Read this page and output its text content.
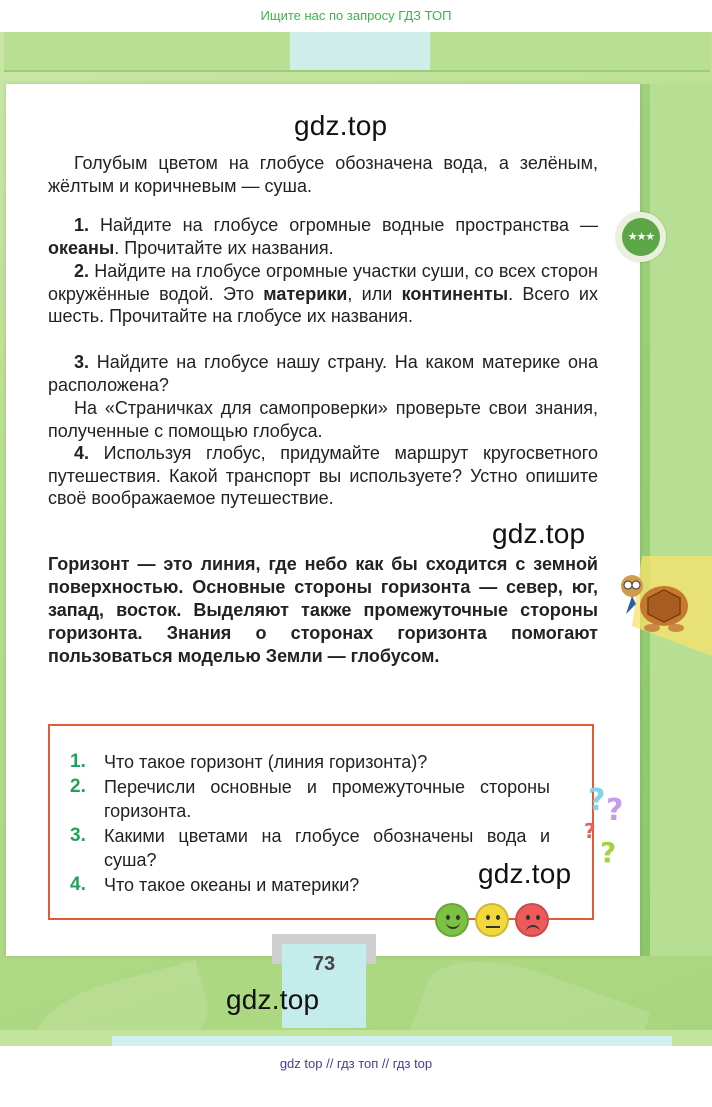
Ищите нас по запросу ГДЗ ТОП
gdz.top

Голубым цветом на глобусе обозначена вода, а зелёным, жёлтым и коричневым — суша.

1. Найдите на глобусе огромные водные пространства — океаны. Прочитайте их названия.

2. Найдите на глобусе огромные участки суши, со всех сторон окружённые водой. Это материки, или континенты. Всего их шесть. Прочитайте на глобусе их названия.

3. Найдите на глобусе нашу страну. На каком материке она расположена?

На «Страничках для самопроверки» проверьте свои знания, полученные с помощью глобуса.

4. Используя глобус, придумайте маршрут кругосветного путешествия. Какой транспорт вы используете? Устно опишите своё воображаемое путешествие.

gdz.top

Горизонт — это линия, где небо как бы сходится с земной поверхностью. Основные стороны горизонта — север, юг, запад, восток. Выделяют также промежуточные стороны горизонта. Знания о сторонах горизонта помогают пользоваться моделью Земли — глобусом.

1.	Что такое горизонт (линия горизонта)?
2.	Перечисли основные и промежуточные стороны горизонта.
3.	Какими цветами на глобусе обозначены вода и суша?
4.	Что такое океаны и материки?	gdz.top
★★★
? ?
?
?
73
gdz.top
gdz top // гдз топ // гдз top
